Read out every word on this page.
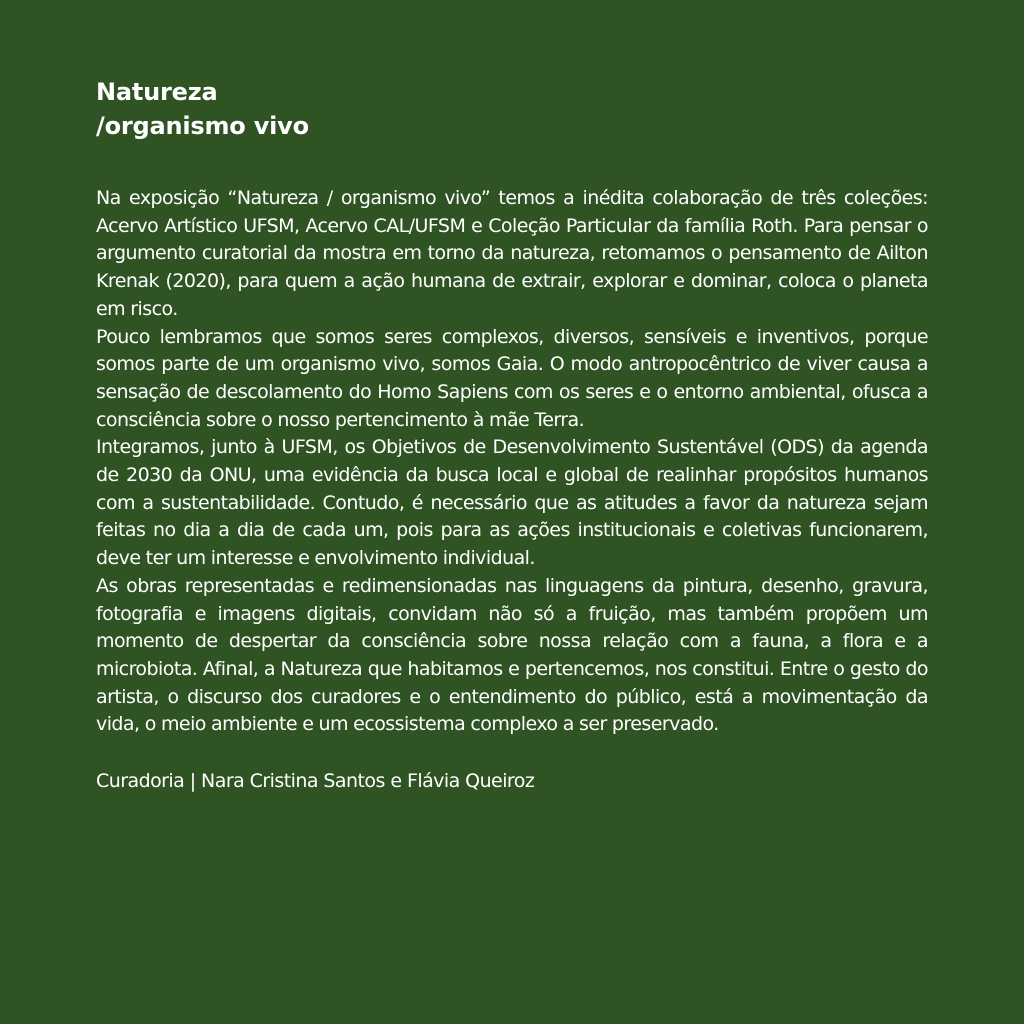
Natureza
/organismo vivo

Na exposição “Natureza / organismo vivo” temos a inédita colaboração de três coleções: Acervo Artístico UFSM, Acervo CAL/UFSM e Coleção Particular da família Roth. Para pensar o argumento curatorial da mostra em torno da natureza, retomamos o pensamento de Ailton Krenak (2020), para quem a ação humana de extrair, explorar e dominar, coloca o planeta em risco.

Pouco lembramos que somos seres complexos, diversos, sensíveis e inventivos, porque somos parte de um organismo vivo, somos Gaia. O modo antropocêntrico de viver causa a sensação de descolamento do Homo Sapiens com os seres e o entorno ambiental, ofusca a consciência sobre o nosso pertencimento à mãe Terra.

Integramos, junto à UFSM, os Objetivos de Desenvolvimento Sustentável (ODS) da agenda de 2030 da ONU, uma evidência da busca local e global de realinhar propósitos humanos com a sustentabilidade. Contudo, é necessário que as atitudes a favor da natureza sejam feitas no dia a dia de cada um, pois para as ações institucionais e coletivas funcionarem, deve ter um interesse e envolvimento individual.

As obras representadas e redimensionadas nas linguagens da pintura, desenho, gravura, fotografia e imagens digitais, convidam não só a fruição, mas também propõem um momento de despertar da consciência sobre nossa relação com a fauna, a flora e a microbiota. Afinal, a Natureza que habitamos e pertencemos, nos constitui. Entre o gesto do artista, o discurso dos curadores e o entendimento do público, está a movimentação da vida, o meio ambiente e um ecossistema complexo a ser preservado.

Curadoria | Nara Cristina Santos e Flávia Queiroz
